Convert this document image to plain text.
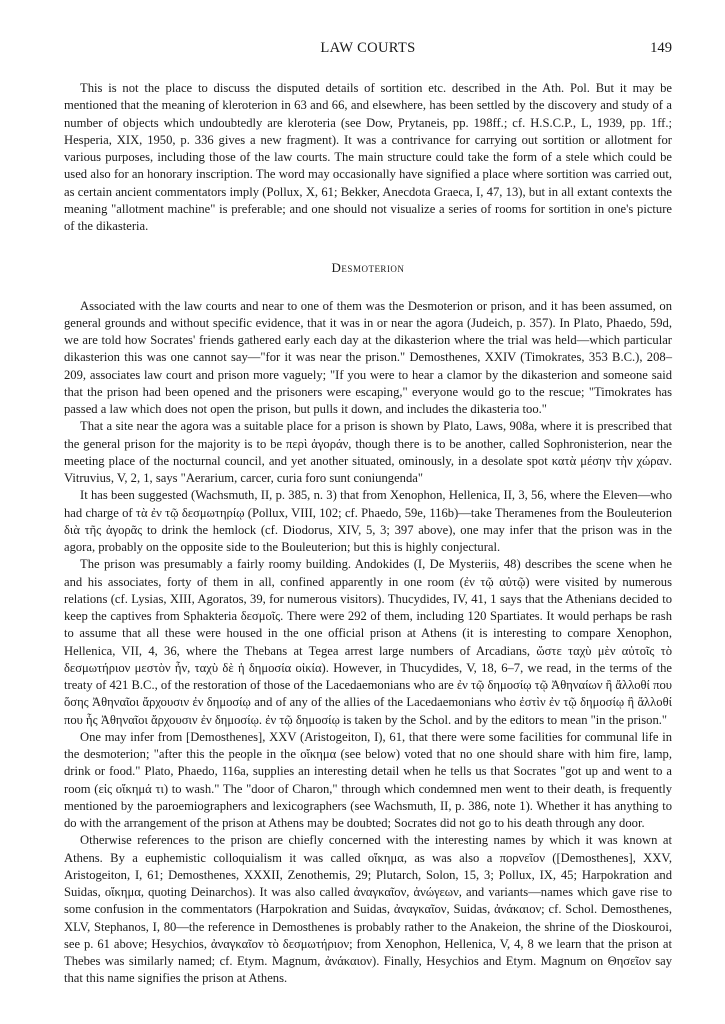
LAW COURTS	149

This is not the place to discuss the disputed details of sortition etc. described in the Ath. Pol. But it may be mentioned that the meaning of kleroterion in 63 and 66, and elsewhere, has been settled by the discovery and study of a number of objects which undoubtedly are kleroteria (see Dow, Prytaneis, pp. 198ff.; cf. H.S.C.P., L, 1939, pp. 1ff.; Hesperia, XIX, 1950, p. 336 gives a new fragment). It was a contrivance for carrying out sortition or allotment for various purposes, including those of the law courts. The main structure could take the form of a stele which could be used also for an honorary inscription. The word may occasionally have signified a place where sortition was carried out, as certain ancient commentators imply (Pollux, X, 61; Bekker, Anecdota Graeca, I, 47, 13), but in all extant contexts the meaning "allotment machine" is preferable; and one should not visualize a series of rooms for sortition in one's picture of the dikasteria.

Desmoterion

Associated with the law courts and near to one of them was the Desmoterion or prison, and it has been assumed, on general grounds and without specific evidence, that it was in or near the agora (Judeich, p. 357). In Plato, Phaedo, 59d, we are told how Socrates' friends gathered early each day at the dikasterion where the trial was held—which particular dikasterion this was one cannot say—"for it was near the prison." Demosthenes, XXIV (Timokrates, 353 B.C.), 208–209, associates law court and prison more vaguely; "If you were to hear a clamor by the dikasterion and someone said that the prison had been opened and the prisoners were escaping," everyone would go to the rescue; "Timokrates has passed a law which does not open the prison, but pulls it down, and includes the dikasteria too."

That a site near the agora was a suitable place for a prison is shown by Plato, Laws, 908a, where it is prescribed that the general prison for the majority is to be περὶ ἀγοράν, though there is to be another, called Sophronisterion, near the meeting place of the nocturnal council, and yet another situated, ominously, in a desolate spot κατὰ μέσην τὴν χώραν. Vitruvius, V, 2, 1, says "Aerarium, carcer, curia foro sunt coniungenda"

It has been suggested (Wachsmuth, II, p. 385, n. 3) that from Xenophon, Hellenica, II, 3, 56, where the Eleven—who had charge of τὰ ἐν τῷ δεσμωτηρίῳ (Pollux, VIII, 102; cf. Phaedo, 59e, 116b)—take Theramenes from the Bouleuterion διὰ τῆς ἀγορᾶς to drink the hemlock (cf. Diodorus, XIV, 5, 3; 397 above), one may infer that the prison was in the agora, probably on the opposite side to the Bouleuterion; but this is highly conjectural.

The prison was presumably a fairly roomy building. Andokides (I, De Mysteriis, 48) describes the scene when he and his associates, forty of them in all, confined apparently in one room (ἐν τῷ αὐτῷ) were visited by numerous relations (cf. Lysias, XIII, Agoratos, 39, for numerous visitors). Thucydides, IV, 41, 1 says that the Athenians decided to keep the captives from Sphakteria δεσμοῖς. There were 292 of them, including 120 Spartiates. It would perhaps be rash to assume that all these were housed in the one official prison at Athens (it is interesting to compare Xenophon, Hellenica, VII, 4, 36, where the Thebans at Tegea arrest large numbers of Arcadians, ὥστε ταχὺ μὲν αὐτοῖς τὸ δεσμωτήριον μεστὸν ἦν, ταχὺ δὲ ἡ δημοσία οἰκία). However, in Thucydides, V, 18, 6–7, we read, in the terms of the treaty of 421 B.C., of the restoration of those of the Lacedaemonians who are ἐν τῷ δημοσίῳ τῷ Ἀθηναίων ἢ ἄλλοθί που ὅσης Ἀθηναῖοι ἄρχουσιν ἐν δημοσίῳ and of any of the allies of the Lacedaemonians who ἐστὶν ἐν τῷ δημοσίῳ ἢ ἄλλοθί που ἧς Ἀθηναῖοι ἄρχουσιν ἐν δημοσίῳ. ἐν τῷ δημοσίῳ is taken by the Schol. and by the editors to mean "in the prison."

One may infer from [Demosthenes], XXV (Aristogeiton, I), 61, that there were some facilities for communal life in the desmoterion; "after this the people in the οἴκημα (see below) voted that no one should share with him fire, lamp, drink or food." Plato, Phaedo, 116a, supplies an interesting detail when he tells us that Socrates "got up and went to a room (εἰς οἴκημά τι) to wash." The "door of Charon," through which condemned men went to their death, is frequently mentioned by the paroemiographers and lexicographers (see Wachsmuth, II, p. 386, note 1). Whether it has anything to do with the arrangement of the prison at Athens may be doubted; Socrates did not go to his death through any door.

Otherwise references to the prison are chiefly concerned with the interesting names by which it was known at Athens. By a euphemistic colloquialism it was called οἴκημα, as was also a πορνεῖον ([Demosthenes], XXV, Aristogeiton, I, 61; Demosthenes, XXXII, Zenothemis, 29; Plutarch, Solon, 15, 3; Pollux, IX, 45; Harpokration and Suidas, οἴκημα, quoting Deinarchos). It was also called ἀναγκαῖον, ἀνώγεων, and variants—names which gave rise to some confusion in the commentators (Harpokration and Suidas, ἀναγκαῖον, Suidas, ἀνάκαιον; cf. Schol. Demosthenes, XLV, Stephanos, I, 80—the reference in Demosthenes is probably rather to the Anakeion, the shrine of the Dioskouroi, see p. 61 above; Hesychios, ἀναγκαῖον τὸ δεσμωτήριον; from Xenophon, Hellenica, V, 4, 8 we learn that the prison at Thebes was similarly named; cf. Etym. Magnum, ἀνάκαιον). Finally, Hesychios and Etym. Magnum on Θησεῖον say that this name signifies the prison at Athens.
